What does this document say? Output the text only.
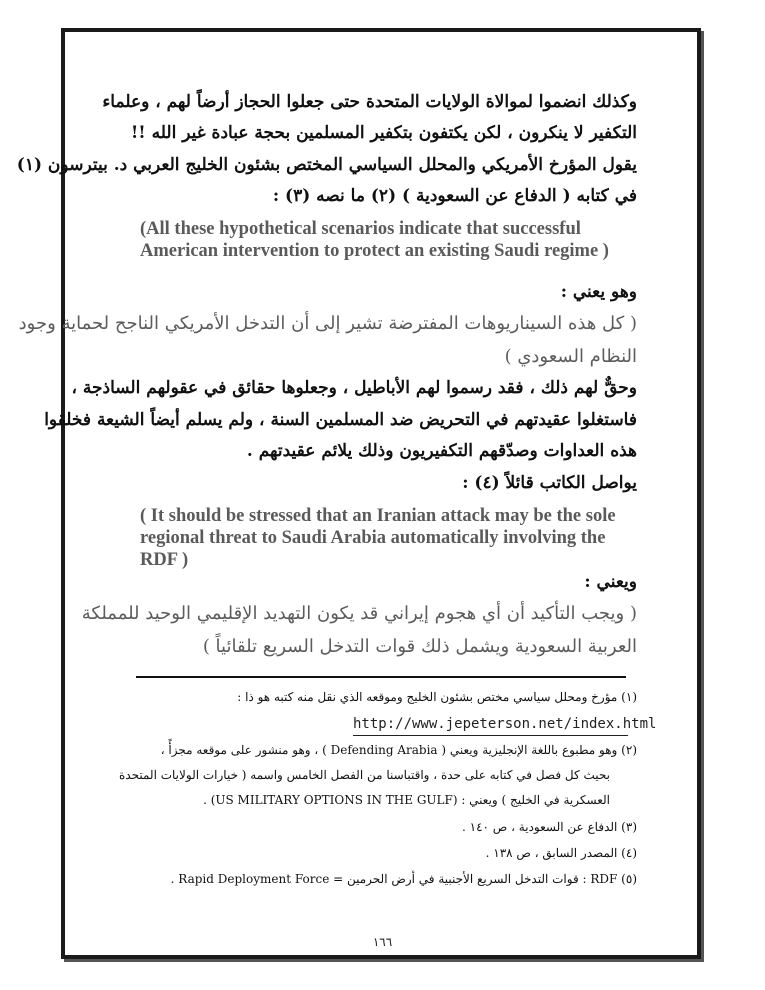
وكذلك انضموا لموالاة الولايات المتحدة حتى جعلوا الحجاز أرضاً لهم ، وعلماء
التكفير لا ينكرون ، لكن يكتفون بتكفير المسلمين بحجة عبادة غير الله !!
يقول المؤرخ الأمريكي والمحلل السياسي المختص بشئون الخليج العربي د. بيترسون (١)
في كتابه ( الدفاع عن السعودية ) (٢) ما نصه (٣) :
(All these hypothetical scenarios indicate that successful American intervention to protect an existing Saudi regime )
وهو يعني :
( كل هذه السيناريوهات المفترضة تشير إلى أن التدخل الأمريكي الناجح لحماية وجود
النظام السعودي )
وحقٌّ لهم ذلك ، فقد رسموا لهم الأباطيل ، وجعلوها حقائق في عقولهم الساذجة ،
فاستغلوا عقيدتهم في التحريض ضد المسلمين السنة ، ولم يسلم أيضاً الشيعة فخلقوا
هذه العداوات وصدّقهم التكفيريون وذلك يلائم عقيدتهم .
يواصل الكاتب قائلاً (٤) :
( It should be stressed that an Iranian attack may be the sole regional threat to Saudi Arabia automatically involving the RDF )
ويعني :
( ويجب التأكيد أن أي هجوم إيراني قد يكون التهديد الإقليمي الوحيد للمملكة
العربية السعودية ويشمل ذلك قوات التدخل السريع تلقائياً )
(١) مؤرخ ومحلل سياسي مختص بشئون الخليج وموقعه الذي نقل منه كتبه هو ذا :
http://www.jepeterson.net/index.html
(٢) وهو مطبوع باللغة الإنجليزية ويعني ( Defending Arabia ) ، وهو منشور على موقعه مجزأً ،
بحيث كل فصل في كتابه على حدة ، واقتباسنا من الفصل الخامس واسمه ( خيارات الولايات المتحدة
العسكرية في الخليج ) ويعني : (US MILITARY OPTIONS IN THE GULF) .
(٣) الدفاع عن السعودية ، ص ١٤٠ .
(٤) المصدر السابق ، ص ١٣٨ .
(٥) RDF : قوات التدخل السريع الأجنبية في أرض الحرمين = Rapid Deployment Force .
١٦٦
